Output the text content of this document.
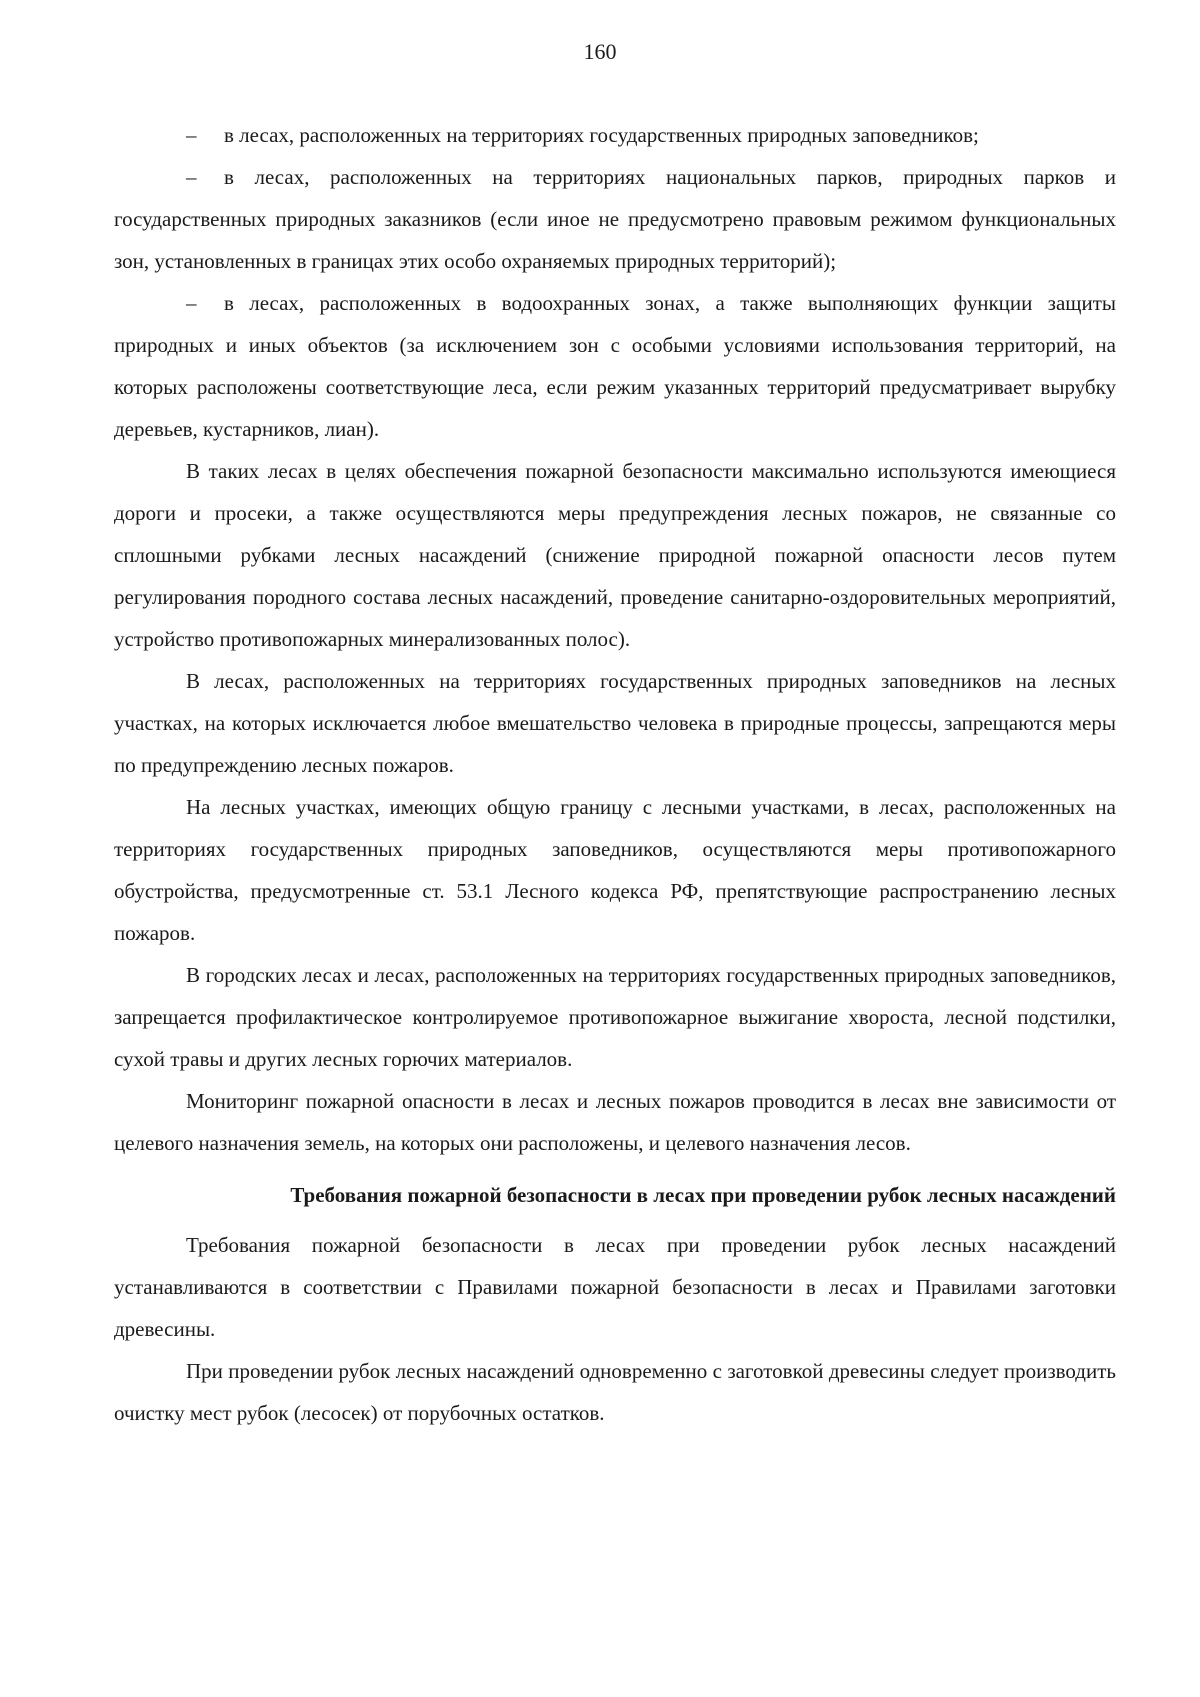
160

– в лесах, расположенных на территориях государственных природных заповедников;

– в лесах, расположенных на территориях национальных парков, природных парков и государственных природных заказников (если иное не предусмотрено правовым режимом функциональных зон, установленных в границах этих особо охраняемых природных территорий);

– в лесах, расположенных в водоохранных зонах, а также выполняющих функции защиты природных и иных объектов (за исключением зон с особыми условиями использования территорий, на которых расположены соответствующие леса, если режим указанных территорий предусматривает вырубку деревьев, кустарников, лиан).

В таких лесах в целях обеспечения пожарной безопасности максимально используются имеющиеся дороги и просеки, а также осуществляются меры предупреждения лесных пожаров, не связанные со сплошными рубками лесных насаждений (снижение природной пожарной опасности лесов путем регулирования породного состава лесных насаждений, проведение санитарно-оздоровительных мероприятий, устройство противопожарных минерализованных полос).

В лесах, расположенных на территориях государственных природных заповедников на лесных участках, на которых исключается любое вмешательство человека в природные процессы, запрещаются меры по предупреждению лесных пожаров.

На лесных участках, имеющих общую границу с лесными участками, в лесах, расположенных на территориях государственных природных заповедников, осуществляются меры противопожарного обустройства, предусмотренные ст. 53.1 Лесного кодекса РФ, препятствующие распространению лесных пожаров.

В городских лесах и лесах, расположенных на территориях государственных природных заповедников, запрещается профилактическое контролируемое противопожарное выжигание хвороста, лесной подстилки, сухой травы и других лесных горючих материалов.

Мониторинг пожарной опасности в лесах и лесных пожаров проводится в лесах вне зависимости от целевого назначения земель, на которых они расположены, и целевого назначения лесов.

Требования пожарной безопасности в лесах при проведении рубок лесных насаждений

Требования пожарной безопасности в лесах при проведении рубок лесных насаждений устанавливаются в соответствии с Правилами пожарной безопасности в лесах и Правилами заготовки древесины.

При проведении рубок лесных насаждений одновременно с заготовкой древесины следует производить очистку мест рубок (лесосек) от порубочных остатков.
